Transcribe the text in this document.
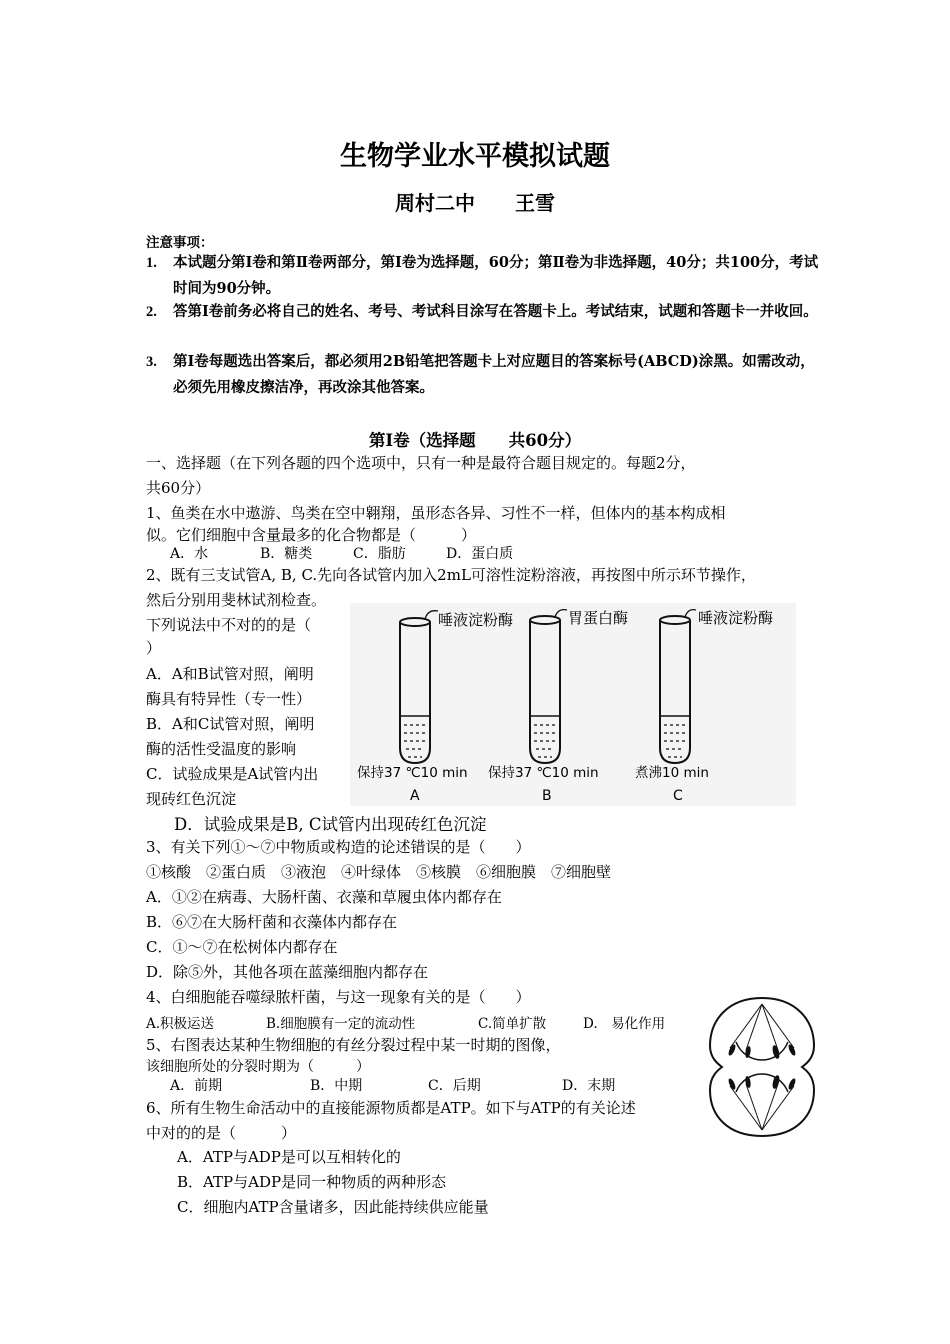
生物学业水平模拟试题
周村二中　　王雪
注意事项：
1. 本试题分第Ⅰ卷和第Ⅱ卷两部分，第Ⅰ卷为选择题，60分；第Ⅱ卷为非选择题，40分；共100分，考试时间为90分钟。
2. 答第Ⅰ卷前务必将自己的姓名、考号、考试科目涂写在答题卡上。考试结束，试题和答题卡一并收回。
3. 第Ⅰ卷每题选出答案后，都必须用2B铅笔把答题卡上对应题目的答案标号(ABCD)涂黑。如需改动，必须先用橡皮擦洁净，再改涂其他答案。
第Ⅰ卷（选择题　　共60分）
一、选择题（在下列各题的四个选项中，只有一种是最符合题目规定的。每题2分，
共60分）
1、鱼类在水中遨游、鸟类在空中翱翔，虽形态各异、习性不一样，但体内的基本构成相
似。它们细胞中含量最多的化合物都是（　　　）
A．水	B．糖类	C．脂肪	D．蛋白质
2、既有三支试管A, B, C.先向各试管内加入2mL可溶性淀粉溶液，再按图中所示环节操作，
然后分别用斐林试剂检查。
下列说法中不对的的是（
）
A．A和B试管对照，阐明
酶具有特异性（专一性）
B．A和C试管对照，阐明
酶的活性受温度的影响
C．试验成果是A试管内出
现砖红色沉淀
D．试验成果是B, C试管内出现砖红色沉淀
唾液淀粉酶	胃蛋白酶	唾液淀粉酶
保持37 ℃10 min 保持37 ℃10 min	煮沸10 min
A	B	C
3、有关下列①～⑦中物质或构造的论述错误的是（　　）
①核酸　②蛋白质　③液泡　④叶绿体　⑤核膜　⑥细胞膜　⑦细胞壁
A．①②在病毒、大肠杆菌、衣藻和草履虫体内都存在
B．⑥⑦在大肠杆菌和衣藻体内都存在
C．①～⑦在松树体内都存在
D．除⑤外，其他各项在蓝藻细胞内都存在
4、白细胞能吞噬绿脓杆菌，与这一现象有关的是（　　）
A.积极运送	B.细胞膜有一定的流动性	C.简单扩散	D.　易化作用
5、右图表达某种生物细胞的有丝分裂过程中某一时期的图像，
该细胞所处的分裂时期为（　　　）
A．前期	B．中期	C．后期	D．末期
6、所有生物生命活动中的直接能源物质都是ATP。如下与ATP的有关论述
中对的的是（　　　）
A．ATP与ADP是可以互相转化的
B．ATP与ADP是同一种物质的两种形态
C．细胞内ATP含量诸多，因此能持续供应能量
